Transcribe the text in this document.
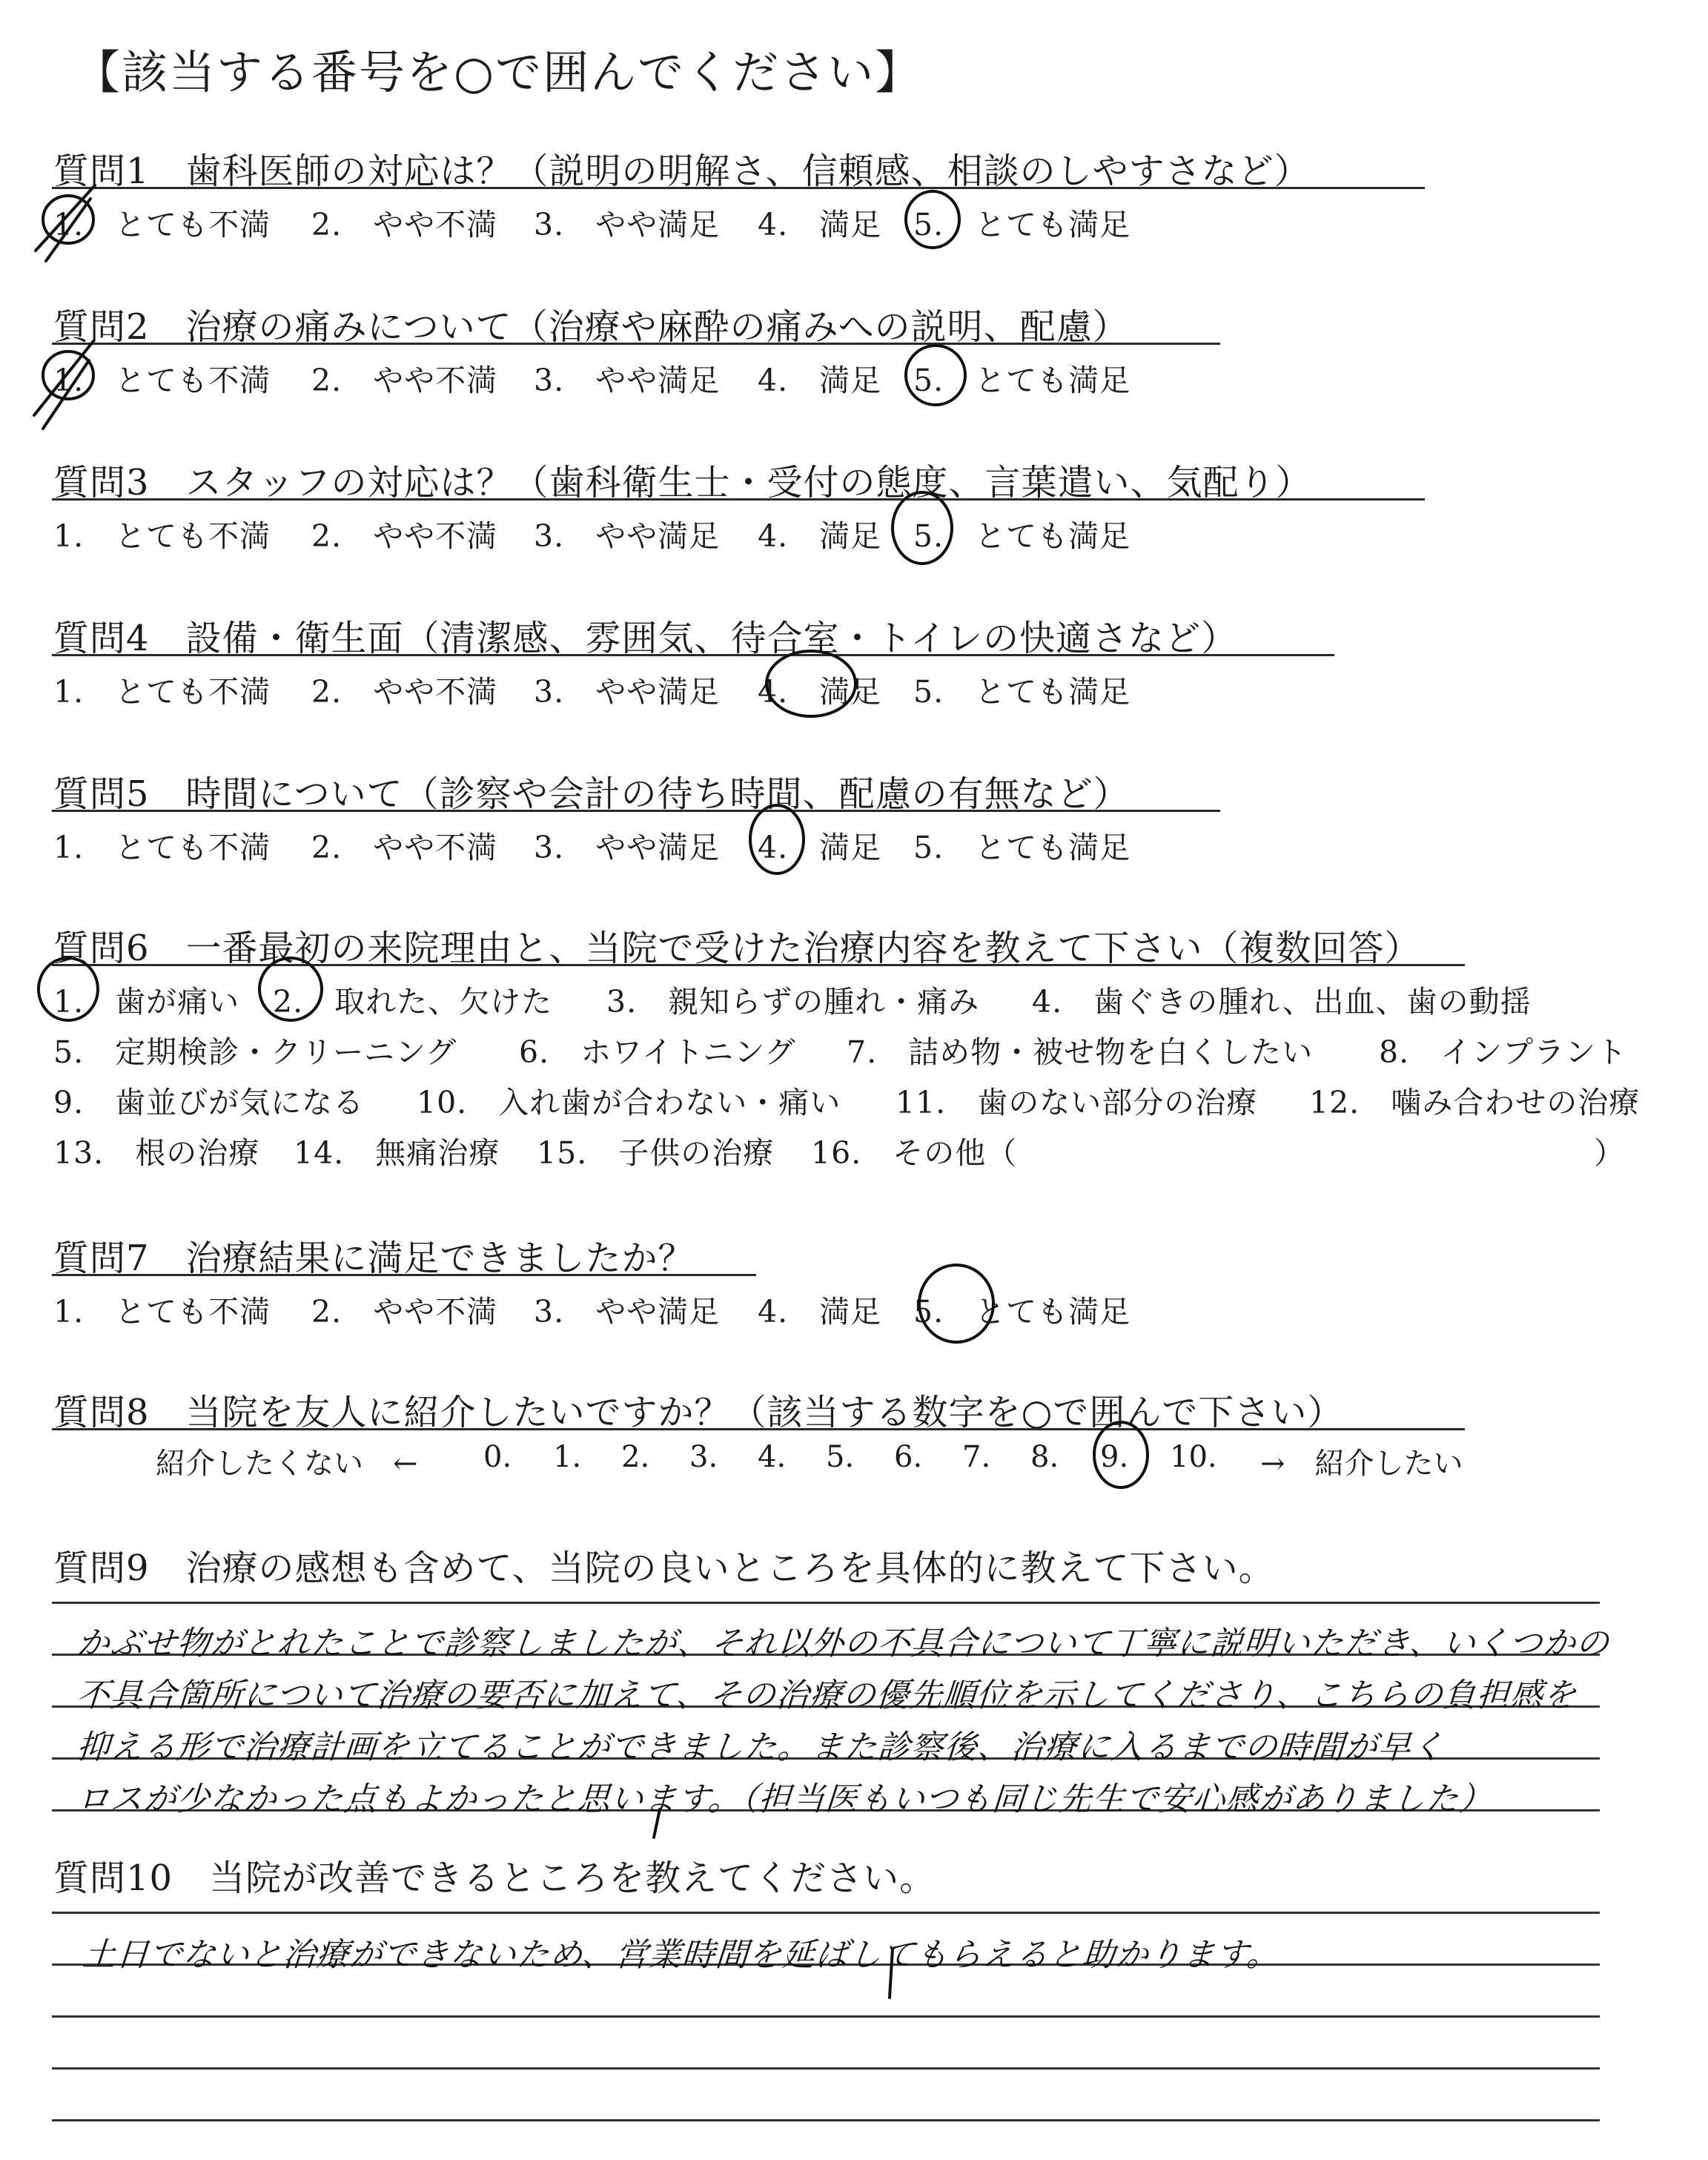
【該当する番号を○で囲んでください】
質問1　歯科医師の対応は？（説明の明解さ、信頼感、相談のしやすさなど）
1.　とても不満 2.　やや不満 3.　やや満足 4.　満足 5.　とても満足
質問2　治療の痛みについて（治療や麻酔の痛みへの説明、配慮）
1.　とても不満 2.　やや不満 3.　やや満足 4.　満足 5.　とても満足
質問3　スタッフの対応は？（歯科衛生士・受付の態度、言葉遣い、気配り）
1.　とても不満 2.　やや不満 3.　やや満足 4.　満足 5.　とても満足
質問4　設備・衛生面（清潔感、雰囲気、待合室・トイレの快適さなど）
1.　とても不満 2.　やや不満 3.　やや満足 4.　満足 5.　とても満足
質問5　時間について（診察や会計の待ち時間、配慮の有無など）
1.　とても不満 2.　やや不満 3.　やや満足 4.　満足 5.　とても満足
質問6　一番最初の来院理由と、当院で受けた治療内容を教えて下さい（複数回答）
1.　歯が痛い 2.　取れた、欠けた 3.　親知らずの腫れ・痛み 4.　歯ぐきの腫れ、出血、歯の動揺
5.　定期検診・クリーニング 6.　ホワイトニング 7.　詰め物・被せ物を白くしたい 8.　インプラント
9.　歯並びが気になる 10.　入れ歯が合わない・痛い 11.　歯のない部分の治療 12.　噛み合わせの治療
13.　根の治療 14.　無痛治療 15.　子供の治療 16.　その他（	）
質問7　治療結果に満足できましたか？
1.　とても不満 2.　やや不満 3.　やや満足 4.　満足 5.　とても満足
質問8　当院を友人に紹介したいですか？（該当する数字を○で囲んで下さい）
紹介したくない　← 0. 1. 2. 3. 4. 5. 6. 7. 8. 9. 10. →　紹介したい
質問9　治療の感想も含めて、当院の良いところを具体的に教えて下さい。
かぶせ物がとれたことで診察しましたが、それ以外の不具合について丁寧に説明いただき、いくつかの
不具合箇所について治療の要否に加えて、その治療の優先順位を示してくださり、こちらの負担感を
抑える形で治療計画を立てることができました。また診察後、治療に入るまでの時間が早く
ロスが少なかった点もよかったと思います。（担当医もいつも同じ先生で安心感がありました）
質問10　当院が改善できるところを教えてください。
土日でないと治療ができないため、営業時間を延ばしてもらえると助かります。
